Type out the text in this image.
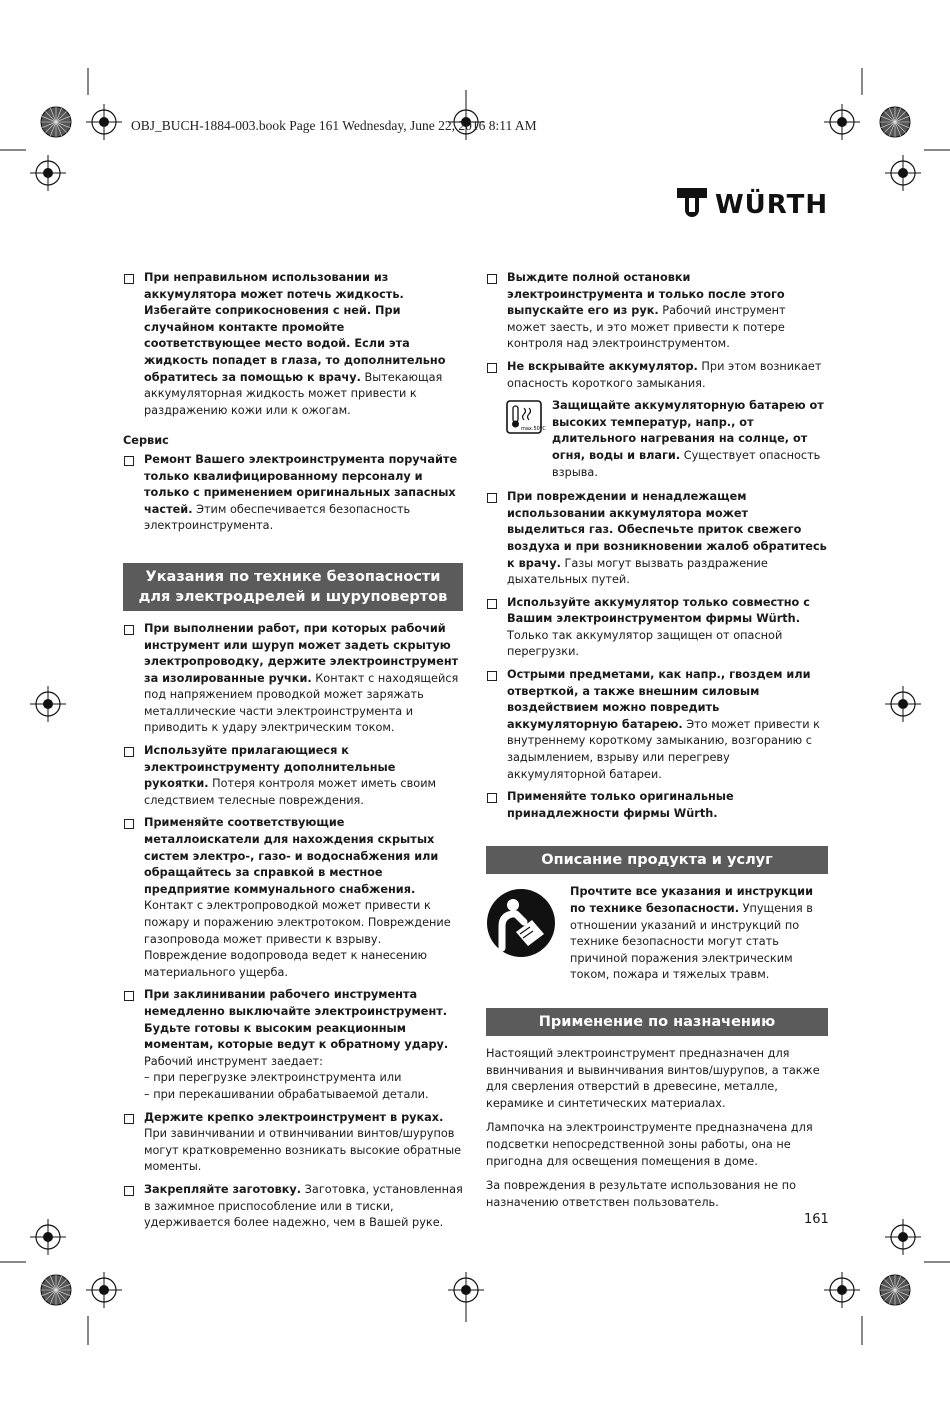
OBJ_BUCH-1884-003.book Page 161 Wednesday, June 22, 2016 8:11 AM
WÜRTH
При неправильном использовании из аккумулятора может потечь жидкость. Избегайте соприкосновения с ней. При случайном контакте промойте соответствующее место водой. Если эта жидкость попадет в глаза, то дополнительно обратитесь за помощью к врачу. Вытекающая аккумуляторная жидкость может привести к раздражению кожи или к ожогам.
Сервис
Ремонт Вашего электроинструмента поручайте только квалифицированному персоналу и только с применением оригинальных запасных частей. Этим обеспечивается безопасность электроинструмента.
Указания по технике безопасности для электродрелей и шуруповертов
При выполнении работ, при которых рабочий инструмент или шуруп может задеть скрытую электропроводку, держите электроинструмент за изолированные ручки. Контакт с находящейся под напряжением проводкой может заряжать металлические части электроинструмента и приводить к удару электрическим током.
Используйте прилагающиеся к электроинструменту дополнительные рукоятки. Потеря контроля может иметь своим следствием телесные повреждения.
Применяйте соответствующие металлоискатели для нахождения скрытых систем электро-, газо- и водоснабжения или обращайтесь за справкой в местное предприятие коммунального снабжения. Контакт с электропроводкой может привести к пожару и поражению электротоком. Повреждение газопровода может привести к взрыву. Повреждение водопровода ведет к нанесению материального ущерба.
При заклинивании рабочего инструмента немедленно выключайте электроинструмент. Будьте готовы к высоким реакционным моментам, которые ведут к обратному удару. Рабочий инструмент заедает:
– при перегрузке электроинструмента или
– при перекашивании обрабатываемой детали.
Держите крепко электроинструмент в руках. При завинчивании и отвинчивании винтов/шурупов могут кратковременно возникать высокие обратные моменты.
Закрепляйте заготовку. Заготовка, установленная в зажимное приспособление или в тиски, удерживается более надежно, чем в Вашей руке.
Выждите полной остановки электроинструмента и только после этого выпускайте его из рук. Рабочий инструмент может заесть, и это может привести к потере контроля над электроинструментом.
Не вскрывайте аккумулятор. При этом возникает опасность короткого замыкания.
max.50°C
Защищайте аккумуляторную батарею от высоких температур, напр., от длительного нагревания на солнце, от огня, воды и влаги. Существует опасность взрыва.
При повреждении и ненадлежащем использовании аккумулятора может выделиться газ. Обеспечьте приток свежего воздуха и при возникновении жалоб обратитесь к врачу. Газы могут вызвать раздражение дыхательных путей.
Используйте аккумулятор только совместно с Вашим электроинструментом фирмы Würth. Только так аккумулятор защищен от опасной перегрузки.
Острыми предметами, как напр., гвоздем или отверткой, а также внешним силовым воздействием можно повредить аккумуляторную батарею. Это может привести к внутреннему короткому замыканию, возгоранию с задымлением, взрыву или перегреву аккумуляторной батареи.
Применяйте только оригинальные принадлежности фирмы Würth.
Описание продукта и услуг
Прочтите все указания и инструкции по технике безопасности. Упущения в отношении указаний и инструкций по технике безопасности могут стать причиной поражения электрическим током, пожара и тяжелых травм.
Применение по назначению
Настоящий электроинструмент предназначен для ввинчивания и вывинчивания винтов/шурупов, а также для сверления отверстий в древесине, металле, керамике и синтетических материалах.
Лампочка на электроинструменте предназначена для подсветки непосредственной зоны работы, она не пригодна для освещения помещения в доме.
За повреждения в результате использования не по назначению ответствен пользователь.
161
